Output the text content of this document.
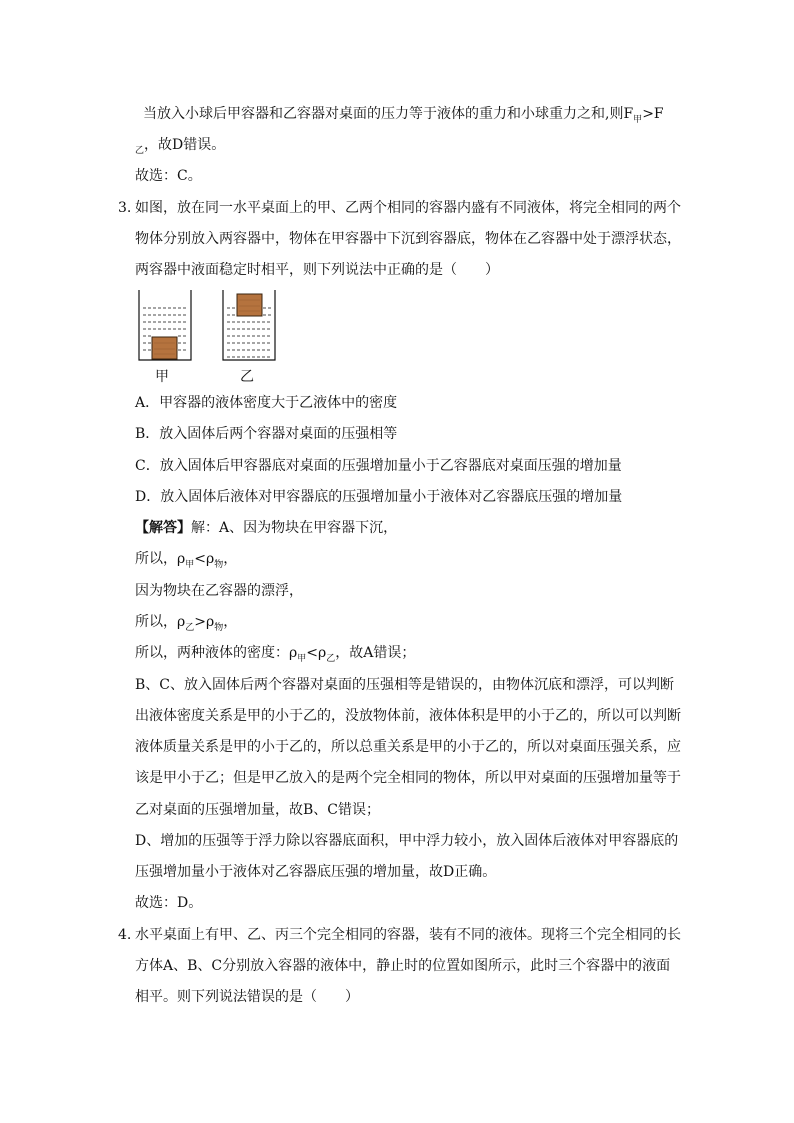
当放入小球后甲容器和乙容器对桌面的压力等于液体的重力和小球重力之和,则$F_甲>F$
$_乙$，故D错误。
故选：C。
3. 如图，放在同一水平桌面上的甲、乙两个相同的容器内盛有不同液体，将完全相同的两个
物体分别放入两容器中，物体在甲容器中下沉到容器底，物体在乙容器中处于漂浮状态，
两容器中液面稳定时相平，则下列说法中正确的是（　　）
甲	乙
A．甲容器的液体密度大于乙液体中的密度
B．放入固体后两个容器对桌面的压强相等
C．放入固体后甲容器底对桌面的压强增加量小于乙容器底对桌面压强的增加量
D．放入固体后液体对甲容器底的压强增加量小于液体对乙容器底压强的增加量
【解答】解：A、因为物块在甲容器下沉，
所以，$\rho_甲<\rho_物$，
因为物块在乙容器的漂浮，
所以，$\rho_乙>\rho_物$，
所以，两种液体的密度：$\rho_甲<\rho_乙$，故A错误；
B、C、放入固体后两个容器对桌面的压强相等是错误的，由物体沉底和漂浮，可以判断
出液体密度关系是甲的小于乙的，没放物体前，液体体积是甲的小于乙的，所以可以判断
液体质量关系是甲的小于乙的，所以总重关系是甲的小于乙的，所以对桌面压强关系，应
该是甲小于乙；但是甲乙放入的是两个完全相同的物体，所以甲对桌面的压强增加量等于
乙对桌面的压强增加量，故B、C错误；
D、增加的压强等于浮力除以容器底面积，甲中浮力较小，放入固体后液体对甲容器底的
压强增加量小于液体对乙容器底压强的增加量，故D正确。
故选：D。
4. 水平桌面上有甲、乙、丙三个完全相同的容器，装有不同的液体。现将三个完全相同的长
方体A、B、C分别放入容器的液体中，静止时的位置如图所示，此时三个容器中的液面
相平。则下列说法错误的是（　　）
